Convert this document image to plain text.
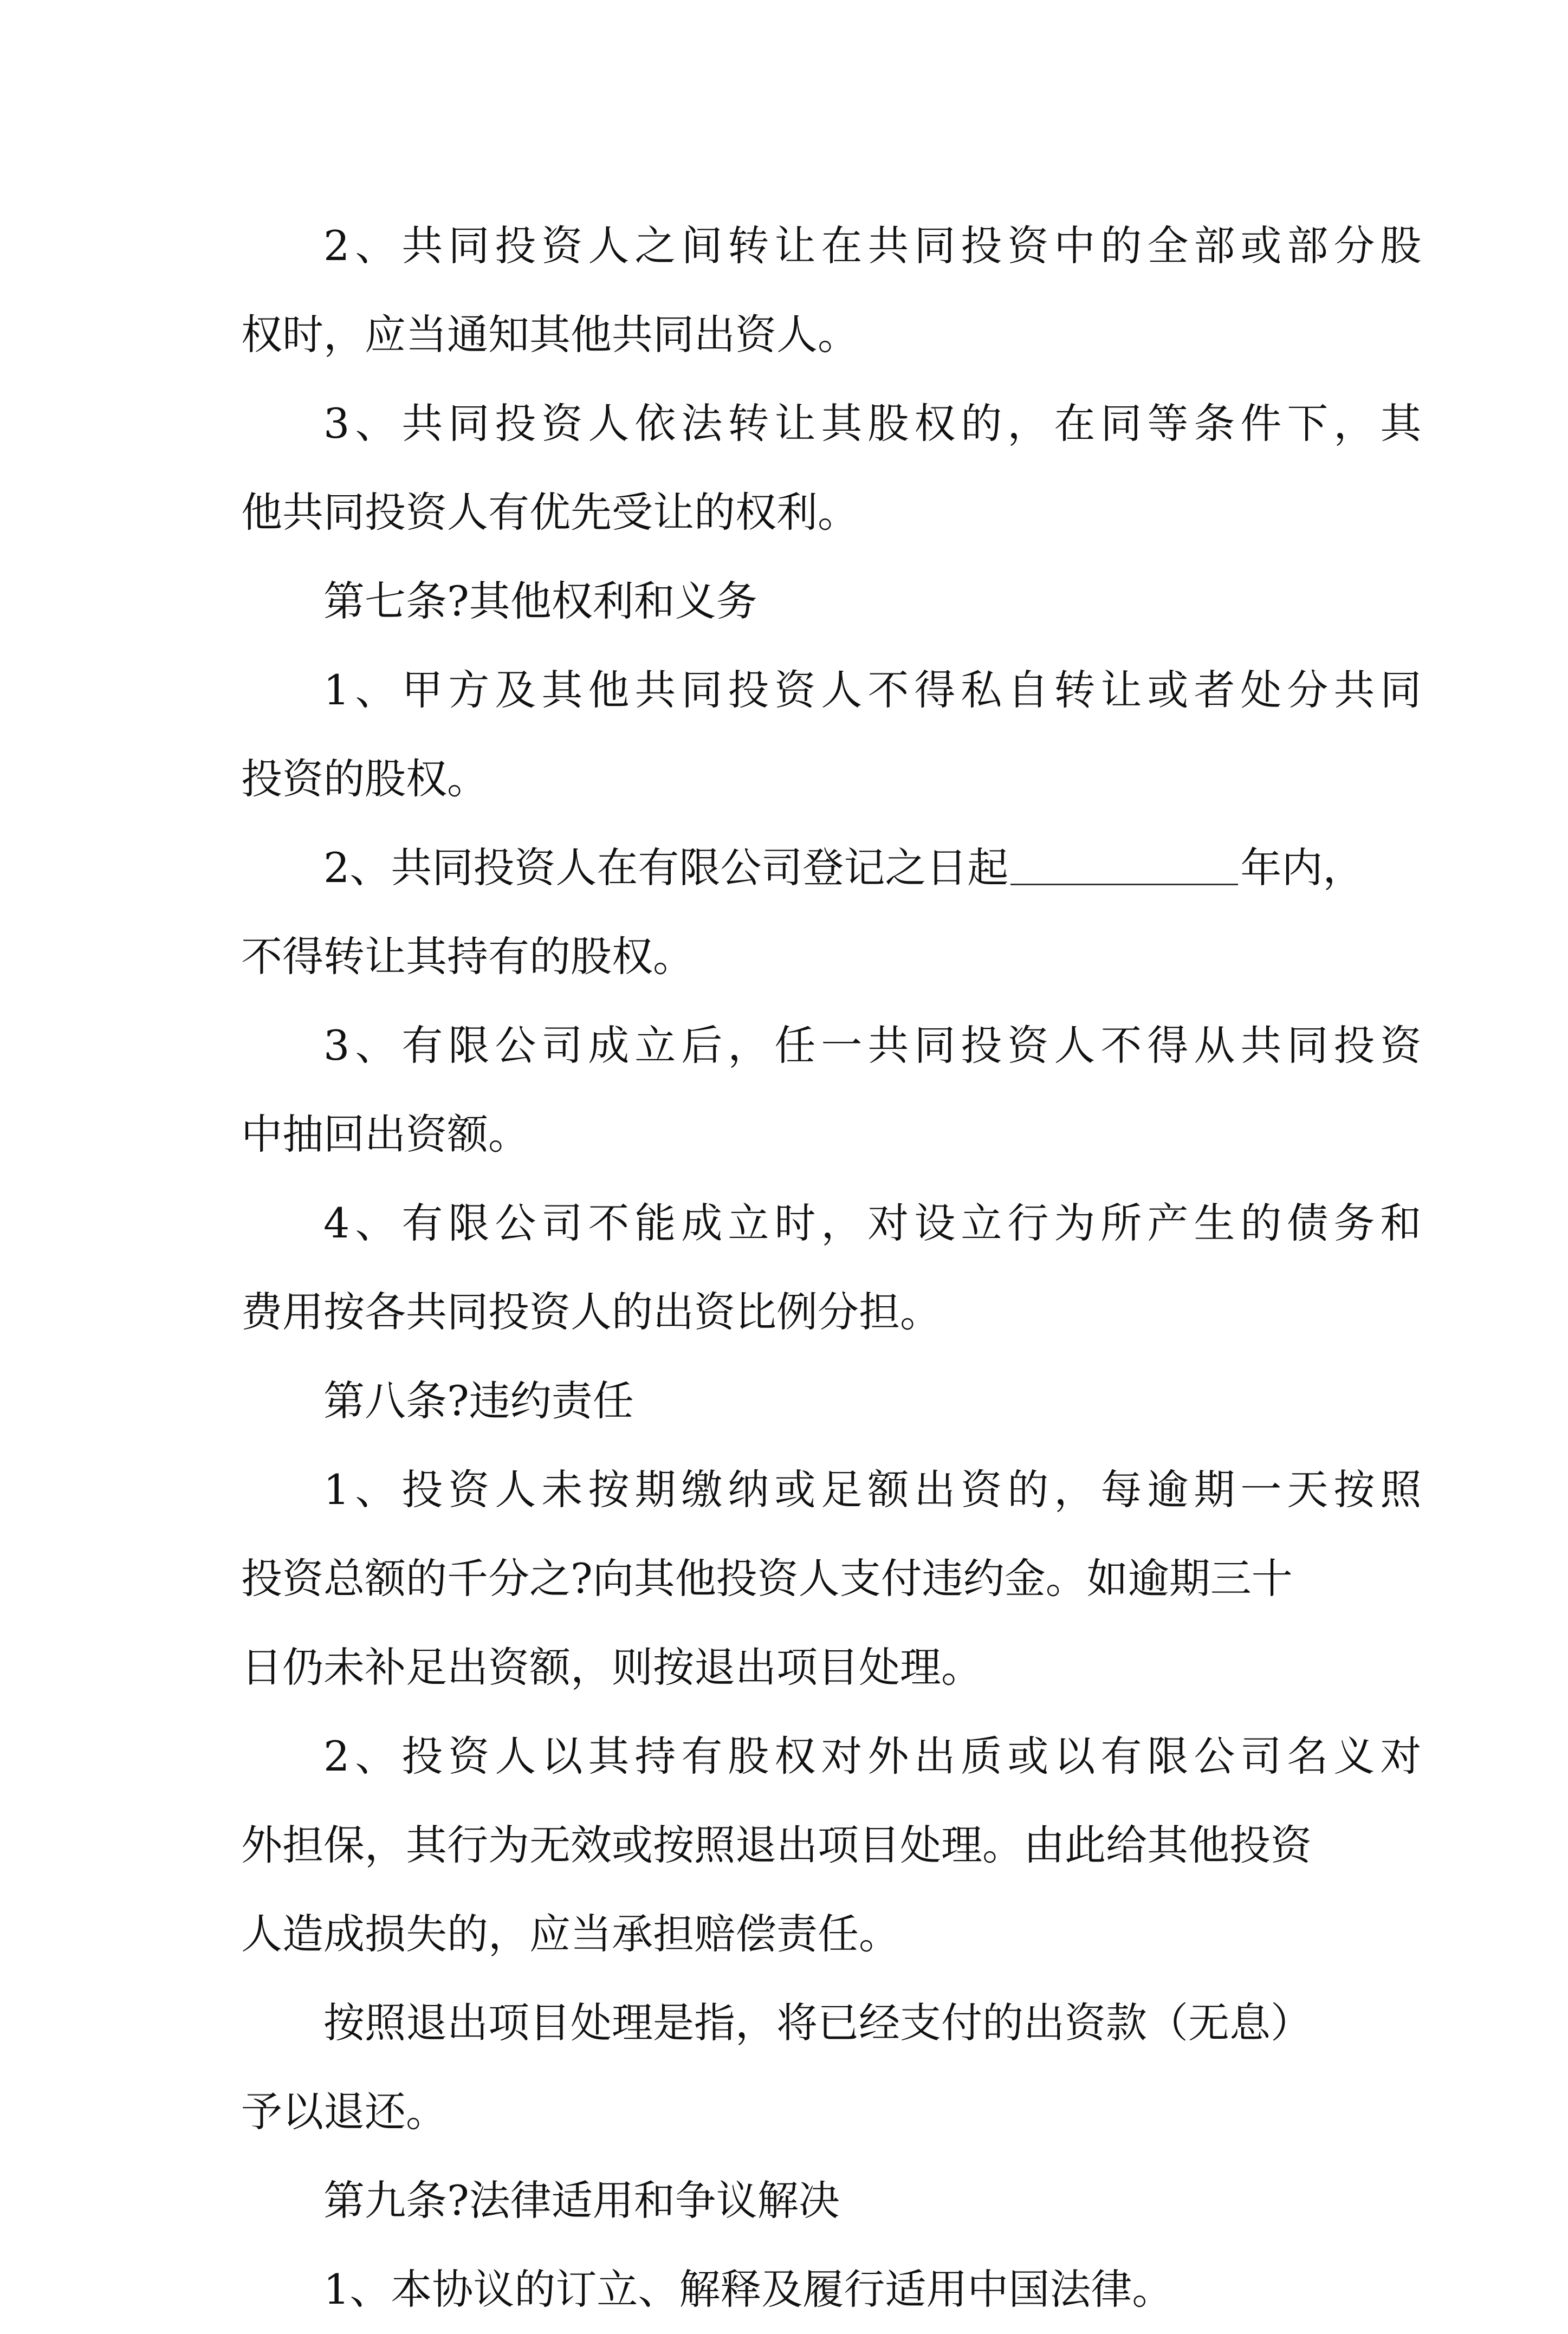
2、共同投资人之间转让在共同投资中的全部或部分股
权时，应当通知其他共同出资人。
3、共同投资人依法转让其股权的，在同等条件下，其
他共同投资人有优先受让的权利。
第七条?其他权利和义务
1、甲方及其他共同投资人不得私自转让或者处分共同
投资的股权。
2、共同投资人在有限公司登记之日起	年内，
不得转让其持有的股权。
3、有限公司成立后，任一共同投资人不得从共同投资
中抽回出资额。
4、有限公司不能成立时，对设立行为所产生的债务和
费用按各共同投资人的出资比例分担。
第八条?违约责任
1、投资人未按期缴纳或足额出资的，每逾期一天按照
投资总额的千分之?向其他投资人支付违约金。如逾期三十
日仍未补足出资额，则按退出项目处理。
2、投资人以其持有股权对外出质或以有限公司名义对
外担保，其行为无效或按照退出项目处理。由此给其他投资
人造成损失的，应当承担赔偿责任。
按照退出项目处理是指，将已经支付的出资款（无息）
予以退还。
第九条?法律适用和争议解决
1、本协议的订立、解释及履行适用中国法律。
